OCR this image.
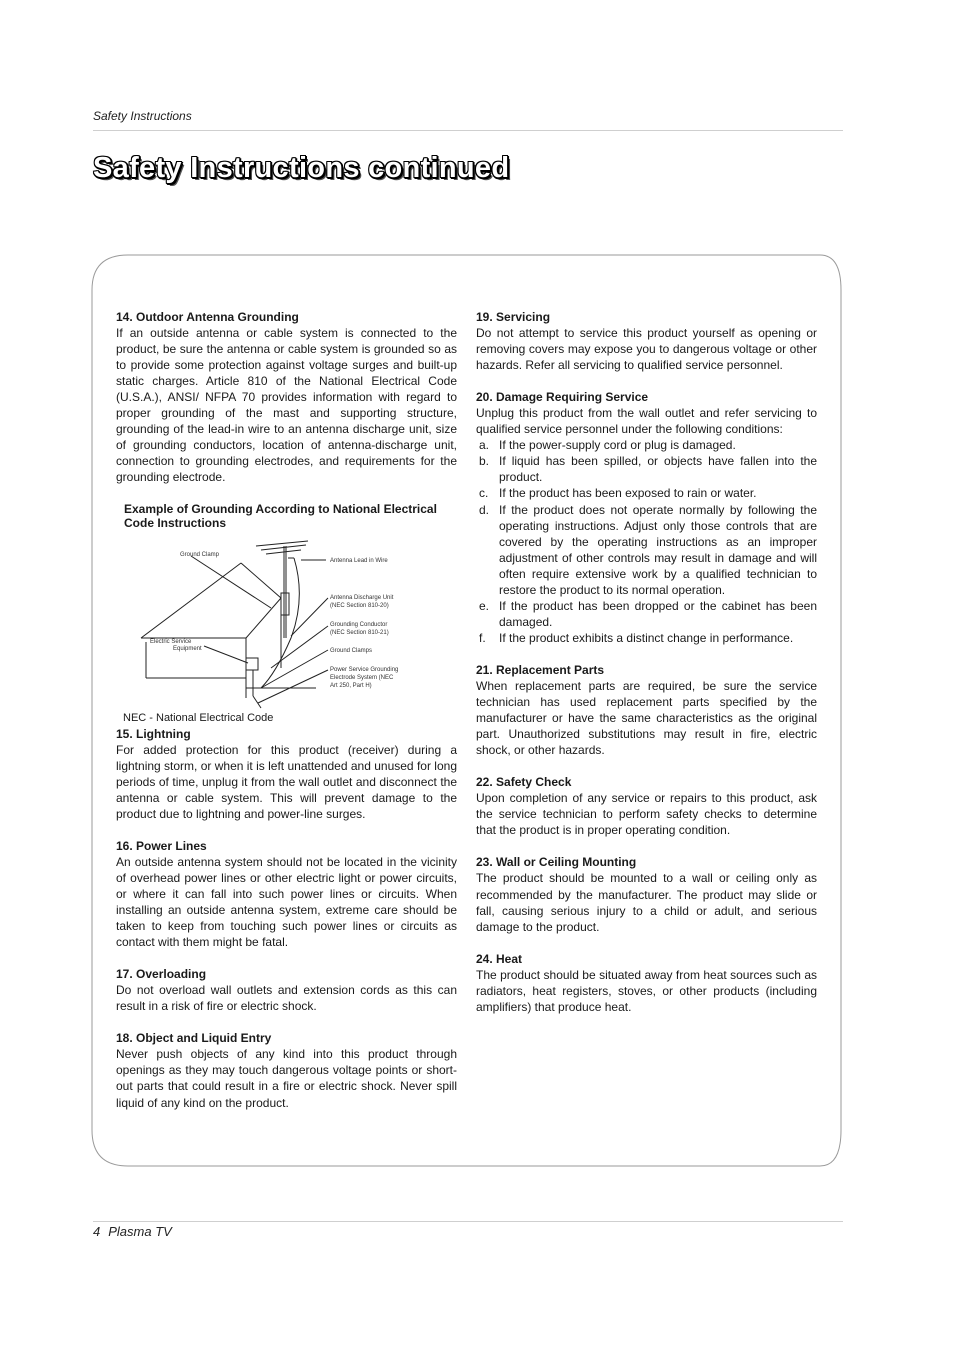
Safety Instructions
Safety Instructions continued
14. Outdoor Antenna Grounding

If an outside antenna or cable system is connected to the product, be sure the antenna or cable system is grounded so as to provide some protection against voltage surges and built-up static charges. Article 810 of the National Electrical Code (U.S.A.), ANSI/ NFPA 70 provides information with regard to proper grounding of the mast and supporting structure, grounding of the lead-in wire to an antenna discharge unit, size of grounding conductors, location of antenna-discharge unit, connection to grounding electrodes, and requirements for the grounding electrode.

Example of Grounding According to National Electrical Code Instructions
Ground Clamp
Antenna Lead in Wire
Antenna Discharge Unit
(NEC Section 810-20)
Grounding Conductor
(NEC Section 810-21)
Ground Clamps
Electric Service
Equipment
Power Service Grounding
Electrode System (NEC
Art 250, Part H)

NEC - National Electrical Code

15. Lightning

For added protection for this product (receiver) during a lightning storm, or when it is left unattended and unused for long periods of time, unplug it from the wall outlet and disconnect the antenna or cable system. This will prevent damage to the product due to lightning and power-line surges.

16. Power Lines

An outside antenna system should not be located in the vicinity of overhead power lines or other electric light or power circuits, or where it can fall into such power lines or circuits. When installing an outside antenna system, extreme care should be taken to keep from touching such power lines or circuits as contact with them might be fatal.

17. Overloading

Do not overload wall outlets and extension cords as this can result in a risk of fire or electric shock.

18. Object and Liquid Entry

Never push objects of any kind into this product through openings as they may touch dangerous voltage points or short-out parts that could result in a fire or electric shock. Never spill liquid of any kind on the product.

19. Servicing

Do not attempt to service this product yourself as opening or removing covers may expose you to dangerous voltage or other hazards. Refer all servicing to qualified service personnel.

20. Damage Requiring Service

Unplug this product from the wall outlet and refer servicing to qualified service personnel under the following conditions:

a. If the power-supply cord or plug is damaged.
b. If liquid has been spilled, or objects have fallen into the product.
c. If the product has been exposed to rain or water.
d. If the product does not operate normally by following the operating instructions. Adjust only those controls that are covered by the operating instructions as an improper adjustment of other controls may result in damage and will often require extensive work by a qualified technician to restore the product to its normal operation.
e. If the product has been dropped or the cabinet has been damaged.
f.	If the product exhibits a distinct change in performance.
21. Replacement Parts

When replacement parts are required, be sure the service technician has used replacement parts specified by the manufacturer or have the same characteristics as the original part. Unauthorized substitutions may result in fire, electric shock, or other hazards.

22. Safety Check

Upon completion of any service or repairs to this product, ask the service technician to perform safety checks to determine that the product is in proper operating condition.

23. Wall or Ceiling Mounting

The product should be mounted to a wall or ceiling only as recommended by the manufacturer. The product may slide or fall, causing serious injury to a child or adult, and serious damage to the product.

24. Heat

The product should be situated away from heat sources such as radiators, heat registers, stoves, or other products (including amplifiers) that produce heat.

4 Plasma TV
